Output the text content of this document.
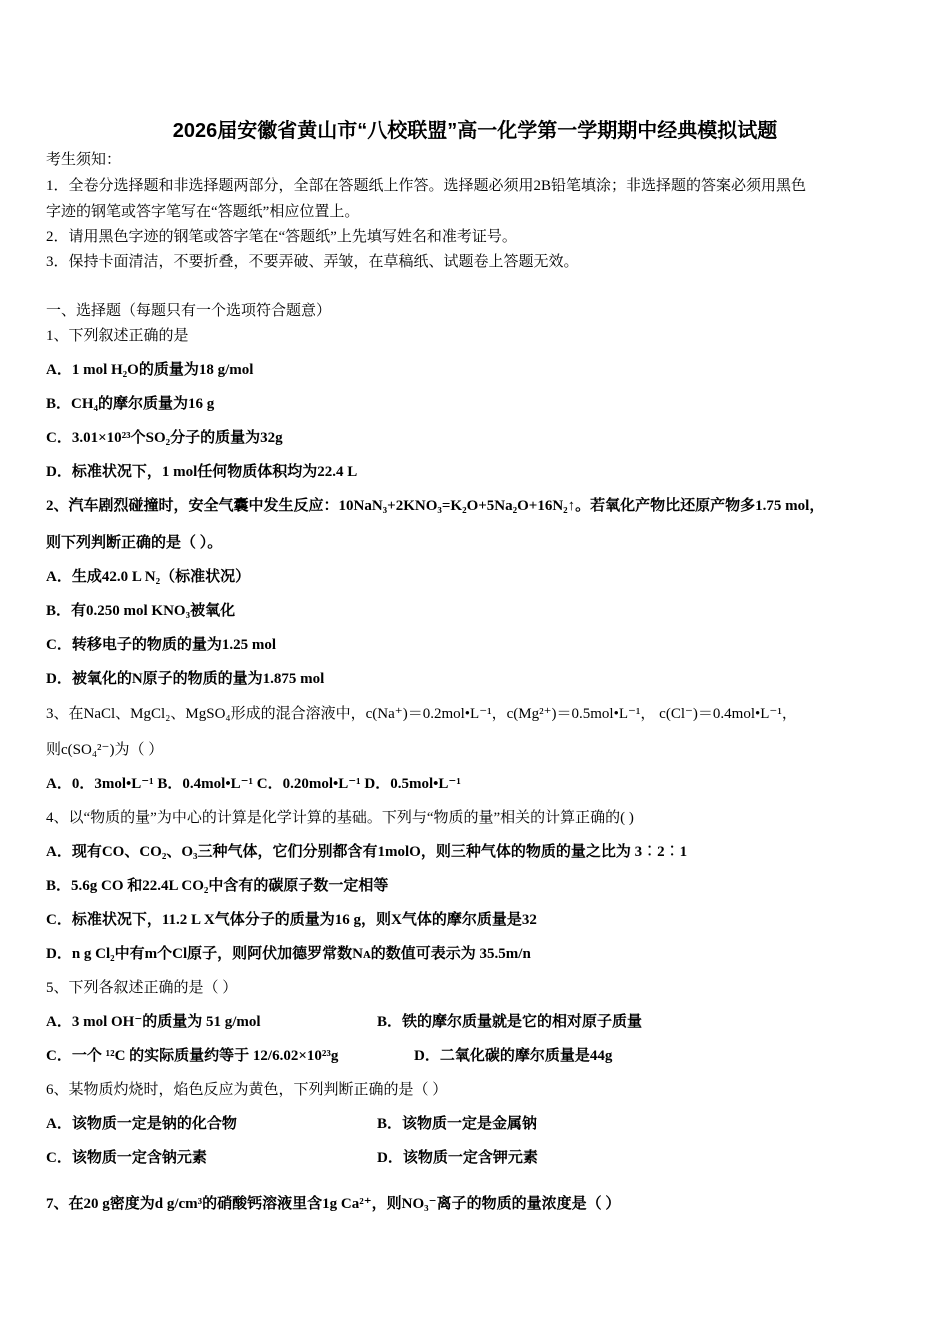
2026届安徽省黄山市“八校联盟”高一化学第一学期期中经典模拟试题
考生须知：
1．全卷分选择题和非选择题两部分，全部在答题纸上作答。选择题必须用2B铅笔填涂；非选择题的答案必须用黑色
字迹的钢笔或答字笔写在“答题纸”相应位置上。
2．请用黑色字迹的钢笔或答字笔在“答题纸”上先填写姓名和准考证号。
3．保持卡面清洁，不要折叠，不要弄破、弄皱，在草稿纸、试题卷上答题无效。
一、选择题（每题只有一个选项符合题意）
1、下列叙述正确的是
A．1 mol H₂O的质量为18 g/mol
B．CH₄的摩尔质量为16 g
C．3.01×10²³个SO₂分子的质量为32g
D．标准状况下，1 mol任何物质体积均为22.4 L
2、汽车剧烈碰撞时，安全气囊中发生反应：10NaN₃+2KNO₃=K₂O+5Na₂O+16N₂↑。若氧化产物比还原产物多1.75 mol，
则下列判断正确的是（ ）。
A．生成42.0 L N₂（标准状况）
B．有0.250 mol KNO₃被氧化
C．转移电子的物质的量为1.25 mol
D．被氧化的N原子的物质的量为1.875 mol
3、在NaCl、MgCl₂、MgSO₄形成的混合溶液中，c(Na⁺)＝0.2mol•L⁻¹，c(Mg²⁺)＝0.5mol•L⁻¹， c(Cl⁻)＝0.4mol•L⁻¹，
则c(SO₄²⁻)为（ ）
A．0．3mol•L⁻¹ B．0.4mol•L⁻¹ C．0.20mol•L⁻¹ D．0.5mol•L⁻¹
4、以“物质的量”为中心的计算是化学计算的基础。下列与“物质的量”相关的计算正确的( )
A．现有CO、CO₂、O₃三种气体，它们分别都含有1molO，则三种气体的物质的量之比为 3︰2︰1
B．5.6g CO 和22.4L CO₂中含有的碳原子数一定相等
C．标准状况下，11.2 L X气体分子的质量为16 g，则X气体的摩尔质量是32
D．n g Cl₂中有m个Cl原子，则阿伏加德罗常数Nᴀ的数值可表示为 35.5m/n
5、下列各叙述正确的是（ ）
A．3 mol OH⁻的质量为 51 g/mol	B．铁的摩尔质量就是它的相对原子质量
C．一个 ¹²C 的实际质量约等于 12/6.02×10²³g	D．二氧化碳的摩尔质量是44g
6、某物质灼烧时，焰色反应为黄色，下列判断正确的是（ ）
A．该物质一定是钠的化合物	B．该物质一定是金属钠
C．该物质一定含钠元素	D．该物质一定含钾元素
7、在20 g密度为d g/cm³的硝酸钙溶液里含1g Ca²⁺，则NO₃⁻离子的物质的量浓度是（ ）
